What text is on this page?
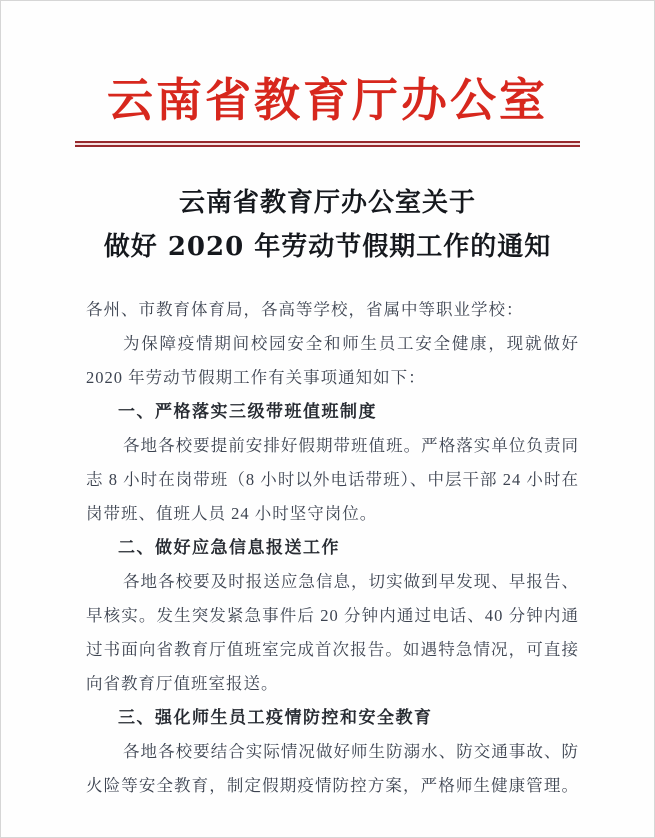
云南省教育厅办公室
云南省教育厅办公室关于
做好 2020 年劳动节假期工作的通知
各州、市教育体育局，各高等学校，省属中等职业学校：
为保障疫情期间校园安全和师生员工安全健康，现就做好
2020 年劳动节假期工作有关事项通知如下：
一、严格落实三级带班值班制度
各地各校要提前安排好假期带班值班。严格落实单位负责同
志 8 小时在岗带班（8 小时以外电话带班）、中层干部 24 小时在
岗带班、值班人员 24 小时坚守岗位。
二、做好应急信息报送工作
各地各校要及时报送应急信息，切实做到早发现、早报告、
早核实。发生突发紧急事件后 20 分钟内通过电话、40 分钟内通
过书面向省教育厅值班室完成首次报告。如遇特急情况，可直接
向省教育厅值班室报送。
三、强化师生员工疫情防控和安全教育
各地各校要结合实际情况做好师生防溺水、防交通事故、防
火险等安全教育，制定假期疫情防控方案，严格师生健康管理。
